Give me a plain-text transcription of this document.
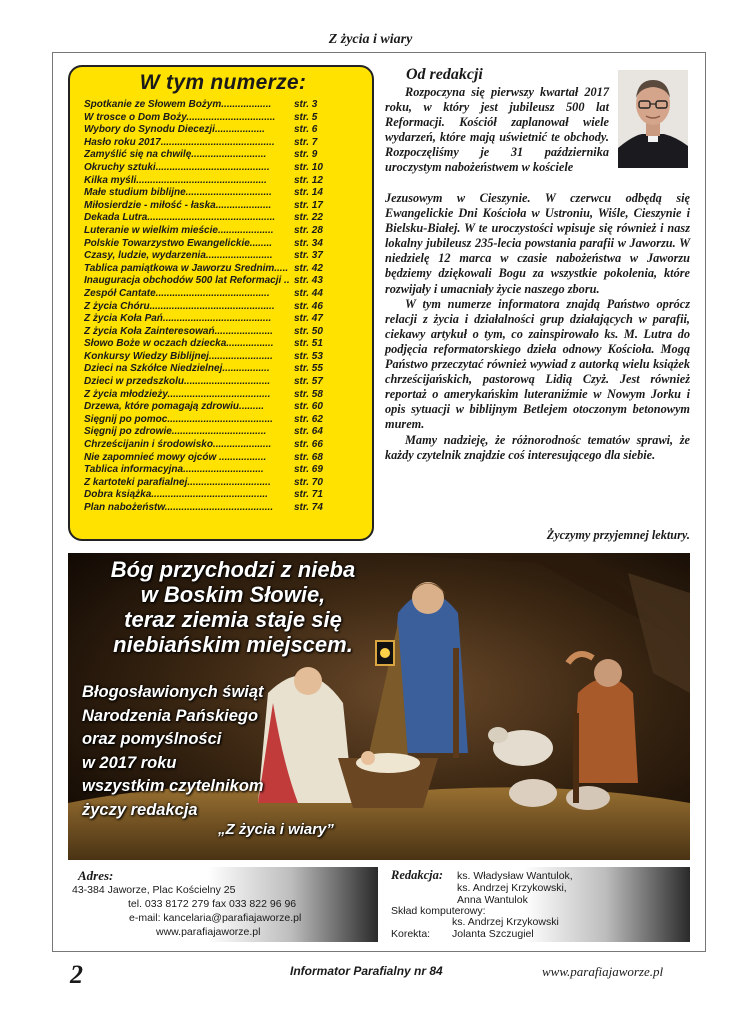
Z życia i wiary
W tym numerze:
Spotkanie ze Słowem Bożym..................	str. 3
W trosce o Dom Boży................................	str. 5
Wybory do Synodu Diecezji..................	str. 6
Hasło roku 2017.........................................	str. 7
Zamyślić się na chwilę...........................	str. 9
Okruchy sztuki.........................................	str. 10
Kilka myśli...............................................	str. 12
Małe studium biblijne...............................	str. 14
Miłosierdzie - miłość - łaska....................	str. 17
Dekada Lutra..............................................	str. 22
Luteranie w wielkim mieście....................	str. 28
Polskie Towarzystwo Ewangelickie........	str. 34
Czasy, ludzie, wydarzenia........................	str. 37
Tablica pamiątkowa w Jaworzu Średnim..... str. 42
Inauguracja obchodów 500 lat Reformacji .. str. 43
Zespół Cantate.........................................	str. 44
Z życia Chóru.............................................	str. 46
Z życia Koła Pań.......................................	str. 47
Z życia Koła Zainteresowań.....................	str. 50
Słowo Boże w oczach dziecka.................	str. 51
Konkursy Wiedzy Biblijnej.......................	str. 53
Dzieci na Szkółce Niedzielnej.................	str. 55
Dzieci w przedszkolu...............................	str. 57
Z życia młodzieży.....................................	str. 58
Drzewa, które pomagają zdrowiu.........	str. 60
Sięgnij po pomoc......................................	str. 62
Sięgnij po zdrowie..................................	str. 64
Chrześcijanin i środowisko.....................	str. 66
Nie zapomnieć mowy ojców .................	str. 68
Tablica informacyjna.............................	str. 69
Z kartoteki parafialnej..............................	str. 70
Dobra książka..........................................	str. 71
Plan nabożeństw.......................................	str. 74
Od redakcji

Rozpoczyna się pierwszy kwartał 2017 roku, w który jest jubileusz 500 lat Reformacji. Kościół zaplanował wiele wydarzeń, które mają uświetnić te obchody. Rozpoczęliśmy je 31 października uroczystym nabożeństwem w kościele

Jezusowym w Cieszynie. W czerwcu odbędą się Ewangelickie Dni Kościoła w Ustroniu, Wiśle, Cieszynie i Bielsku-Białej. W te uroczystości wpisuje się również i nasz lokalny jubileusz 235-lecia powstania parafii w Jaworzu. W niedzielę 12 marca w czasie nabożeństwa w Jaworzu będziemy dziękowali Bogu za wszystkie pokolenia, które rozwijały i umacniały życie naszego zboru.

W tym numerze informatora znajdą Państwo oprócz relacji z życia i działalności grup działających w parafii, ciekawy artykuł o tym, co zainspirowało ks. M. Lutra do podjęcia reformatorskiego dzieła odnowy Kościoła. Mogą Państwo przeczytać również wywiad z autorką wielu książek chrześcijańskich, pastorową Lidią Czyż. Jest również reportaż o amerykańskim luteraniźmie w Nowym Jorku i opis sytuacji w biblijnym Betlejem otoczonym betonowym murem.

Mamy nadzieję, że różnorodnośc tematów sprawi, że każdy czytelnik znajdzie coś interesującego dla siebie.

Życzymy przyjemnej lektury.
Bóg przychodzi z nieba
w Boskim Słowie,
teraz ziemia staje się
niebiańskim miejscem.
Błogosławionych świąt
Narodzenia Pańskiego
oraz pomyślności
w 2017 roku
wszystkim czytelnikom
życzy redakcja
„Z życia i wiary”
Adres:
43-384 Jaworze, Plac Kościelny 25
tel. 033 8172 279 fax 033 822 96 96
e-mail: kancelaria@parafiajaworze.pl
www.parafiajaworze.pl
Redakcja: ks. Władysław Wantulok,
ks. Andrzej Krzykowski,
Anna Wantulok
Skład komputerowy:
ks. Andrzej Krzykowski
Korekta: Jolanta Szczugiel
2	Informator Parafialny nr 84	www.parafiajaworze.pl
